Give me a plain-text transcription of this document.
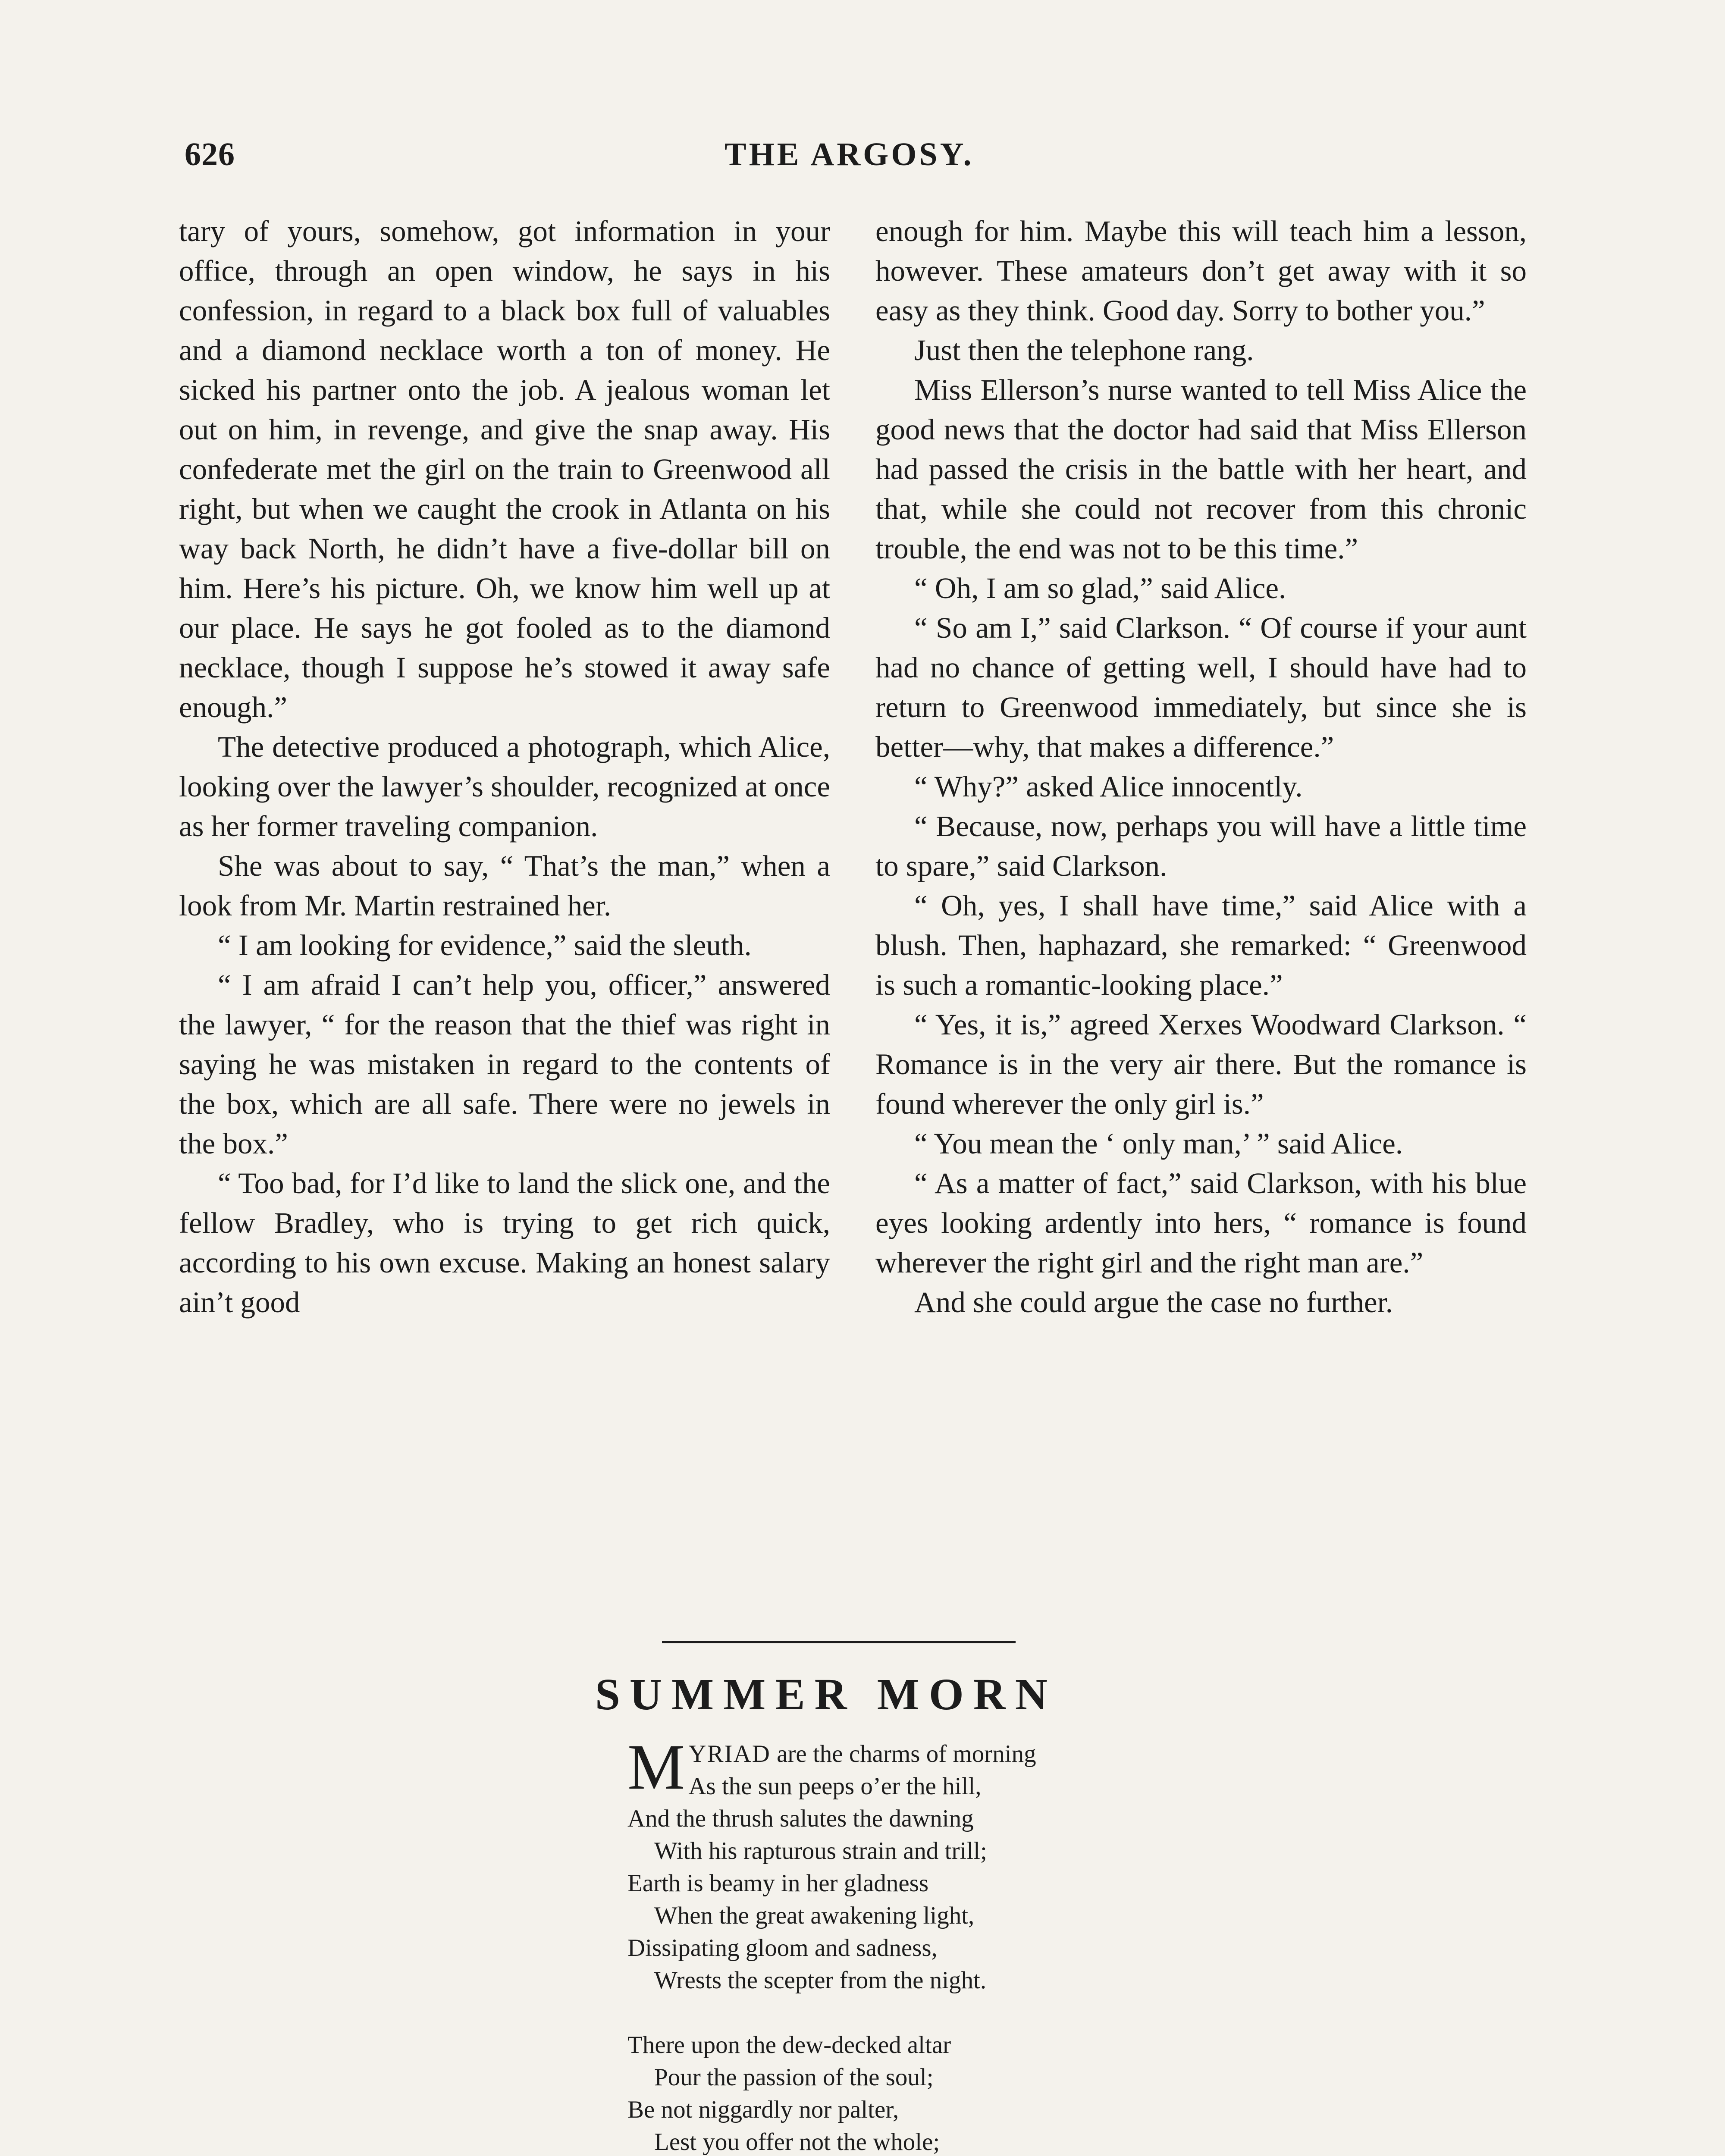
626	THE ARGOSY.

tary of yours, somehow, got information in your office, through an open window, he says in his confession, in regard to a black box full of valuables and a diamond necklace worth a ton of money. He sicked his partner onto the job. A jealous woman let out on him, in revenge, and give the snap away. His confederate met the girl on the train to Greenwood all right, but when we caught the crook in Atlanta on his way back North, he didn’t have a five-dollar bill on him. Here’s his picture. Oh, we know him well up at our place. He says he got fooled as to the diamond necklace, though I suppose he’s stowed it away safe enough.”

The detective produced a photograph, which Alice, looking over the lawyer’s shoulder, recognized at once as her former traveling companion.

She was about to say, “ That’s the man,” when a look from Mr. Martin restrained her.

“ I am looking for evidence,” said the sleuth.

“ I am afraid I can’t help you, officer,” answered the lawyer, “ for the reason that the thief was right in saying he was mistaken in regard to the contents of the box, which are all safe. There were no jewels in the box.”

“ Too bad, for I’d like to land the slick one, and the fellow Bradley, who is trying to get rich quick, according to his own excuse. Making an honest salary ain’t good

enough for him. Maybe this will teach him a lesson, however. These amateurs don’t get away with it so easy as they think. Good day. Sorry to bother you.”

Just then the telephone rang.

Miss Ellerson’s nurse wanted to tell Miss Alice the good news that the doctor had said that Miss Ellerson had passed the crisis in the battle with her heart, and that, while she could not recover from this chronic trouble, the end was not to be this time.”

“ Oh, I am so glad,” said Alice.

“ So am I,” said Clarkson. “ Of course if your aunt had no chance of getting well, I should have had to return to Greenwood immediately, but since she is better—why, that makes a difference.”

“ Why?” asked Alice innocently.

“ Because, now, perhaps you will have a little time to spare,” said Clarkson.

“ Oh, yes, I shall have time,” said Alice with a blush. Then, haphazard, she remarked: “ Greenwood is such a romantic-looking place.”

“ Yes, it is,” agreed Xerxes Woodward Clarkson. “ Romance is in the very air there. But the romance is found wherever the only girl is.”

“ You mean the ‘ only man,’ ” said Alice.

“ As a matter of fact,” said Clarkson, with his blue eyes looking ardently into hers, “ romance is found wherever the right girl and the right man are.”

And she could argue the case no further.

SUMMER MORN
M YRIAD are the charms of morning
As the sun peeps o’er the hill,
And the thrush salutes the dawning
With his rapturous strain and trill;
Earth is beamy in her gladness
When the great awakening light,
Dissipating gloom and sadness,
Wrests the scepter from the night.
There upon the dew-decked altar
Pour the passion of the soul;
Be not niggardly nor palter,
Lest you offer not the whole;
